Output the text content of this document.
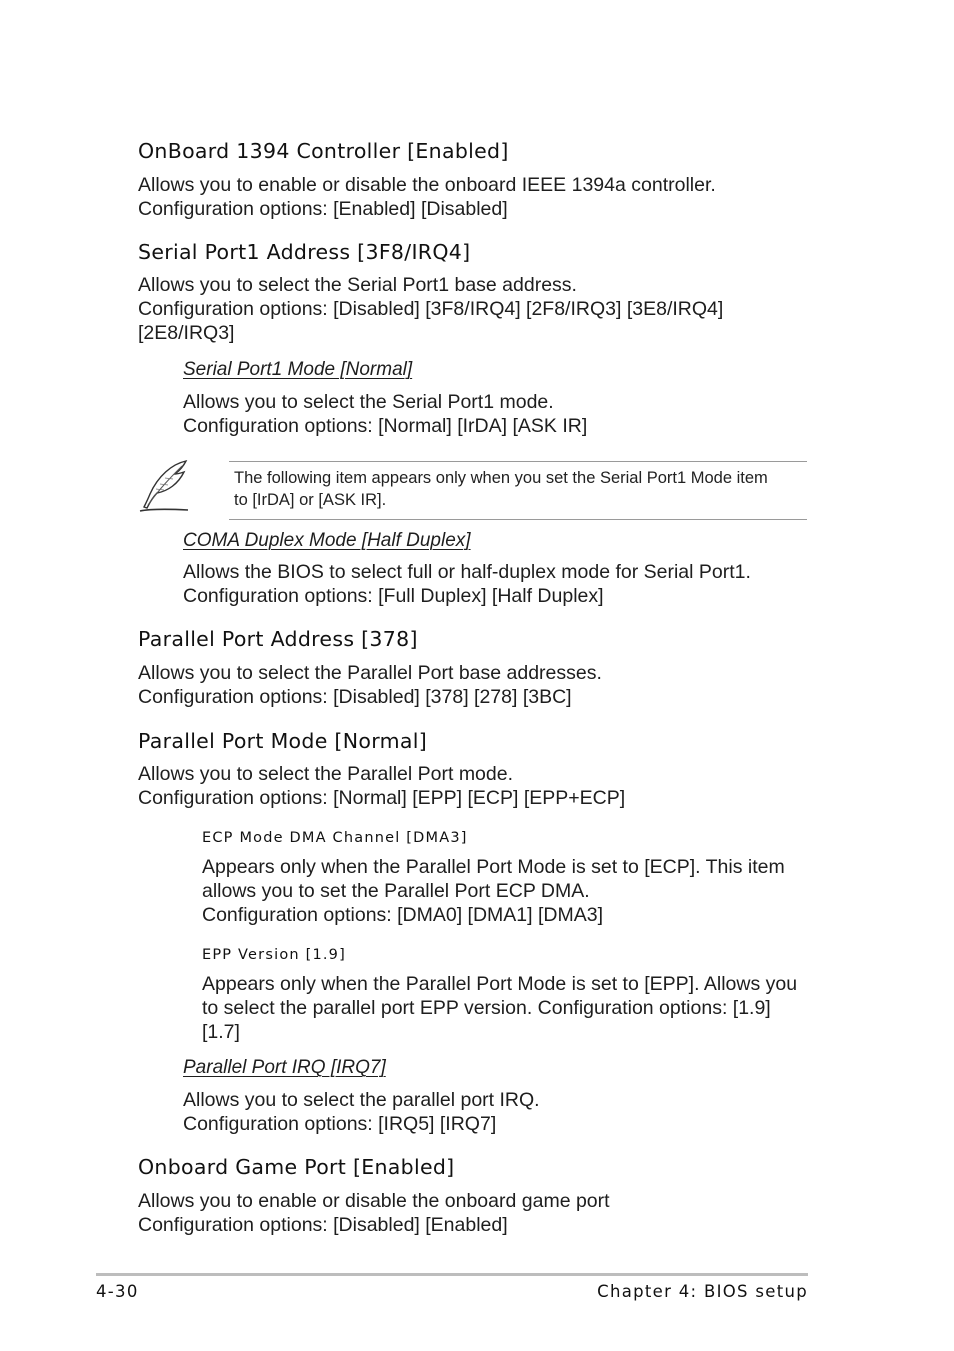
OnBoard 1394 Controller [Enabled]
Allows you to enable or disable the onboard IEEE 1394a controller.
Configuration options: [Enabled] [Disabled]
Serial Port1 Address [3F8/IRQ4]
Allows you to select the Serial Port1 base address.
Configuration options: [Disabled] [3F8/IRQ4] [2F8/IRQ3] [3E8/IRQ4]
[2E8/IRQ3]
Serial Port1 Mode [Normal]
Allows you to select the Serial Port1 mode.
Configuration options: [Normal] [IrDA] [ASK IR]
The following item appears only when you set the Serial Port1 Mode item
to [IrDA] or [ASK IR].
COMA Duplex Mode [Half Duplex]
Allows the BIOS to select full or half-duplex mode for Serial Port1.
Configuration options: [Full Duplex] [Half Duplex]
Parallel Port Address [378]
Allows you to select the Parallel Port base addresses.
Configuration options: [Disabled] [378] [278] [3BC]
Parallel Port Mode [Normal]
Allows you to select the Parallel Port mode.
Configuration options: [Normal] [EPP] [ECP] [EPP+ECP]
ECP Mode DMA Channel [DMA3]
Appears only when the Parallel Port Mode is set to [ECP]. This item
allows you to set the Parallel Port ECP DMA.
Configuration options: [DMA0] [DMA1] [DMA3]
EPP Version [1.9]
Appears only when the Parallel Port Mode is set to [EPP]. Allows you
to select the parallel port EPP version. Configuration options: [1.9]
[1.7]
Parallel Port IRQ [IRQ7]
Allows you to select the parallel port IRQ.
Configuration options: [IRQ5] [IRQ7]
Onboard Game Port [Enabled]
Allows you to enable or disable the onboard game port
Configuration options: [Disabled] [Enabled]
4-30	Chapter 4: BIOS setup
